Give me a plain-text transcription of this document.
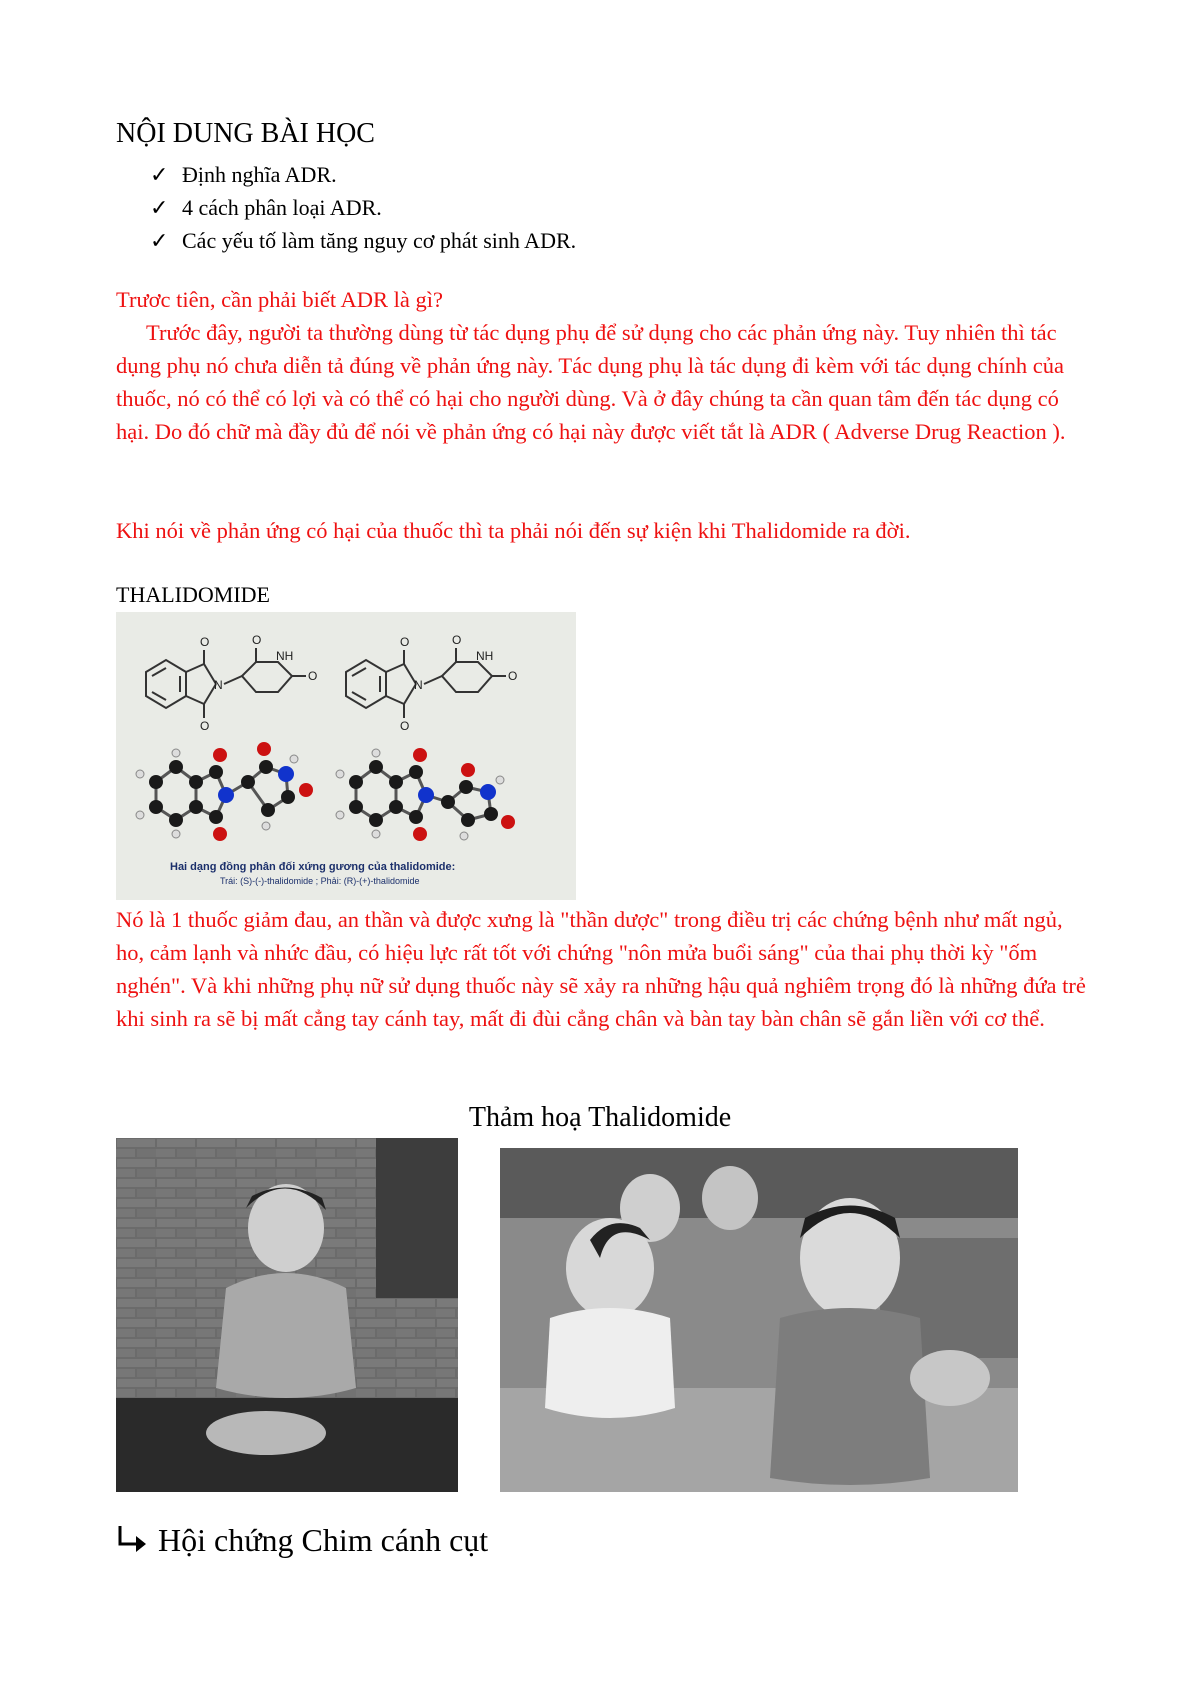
NỘI DUNG BÀI HỌC
✓ Định nghĩa ADR.
✓ 4 cách phân loại ADR.
✓ Các yếu tố làm tăng nguy cơ phát sinh ADR.

Trươc tiên, cần phải biết ADR là gì?

Trước đây, người ta thường dùng từ tác dụng phụ để sử dụng cho các phản ứng này. Tuy nhiên thì tác dụng phụ nó chưa diễn tả đúng về phản ứng này. Tác dụng phụ là tác dụng đi kèm với tác dụng chính của thuốc, nó có thể có lợi và có thể có hại cho người dùng. Và ở đây chúng ta cần quan tâm đến tác dụng có hại. Do đó chữ mà đầy đủ để nói về phản ứng có hại này được viết tắt là ADR ( Adverse Drug Reaction ).

Khi nói về phản ứng có hại của thuốc thì ta phải nói đến sự kiện khi Thalidomide ra đời.

THALIDOMIDE

O
O
N
O
NH
O
O
O
N
O
NH
O
Hai dạng đồng phân đối xứng gương của thalidomide:
Trái: (S)-(-)-thalidomide ; Phải: (R)-(+)-thalidomide

Nó là 1 thuốc giảm đau, an thần và được xưng là "thần dược" trong điều trị các chứng bệnh như mất ngủ, ho, cảm lạnh và nhức đầu, có hiệu lực rất tốt với chứng "nôn mửa buổi sáng" của thai phụ thời kỳ "ốm nghén". Và khi những phụ nữ sử dụng thuốc này sẽ xảy ra những hậu quả nghiêm trọng đó là những đứa trẻ khi sinh ra sẽ bị mất cẳng tay cánh tay, mất đi đùi cẳng chân và bàn tay bàn chân sẽ gắn liền với cơ thể.

Thảm hoạ Thalidomide

Hội chứng Chim cánh cụt
